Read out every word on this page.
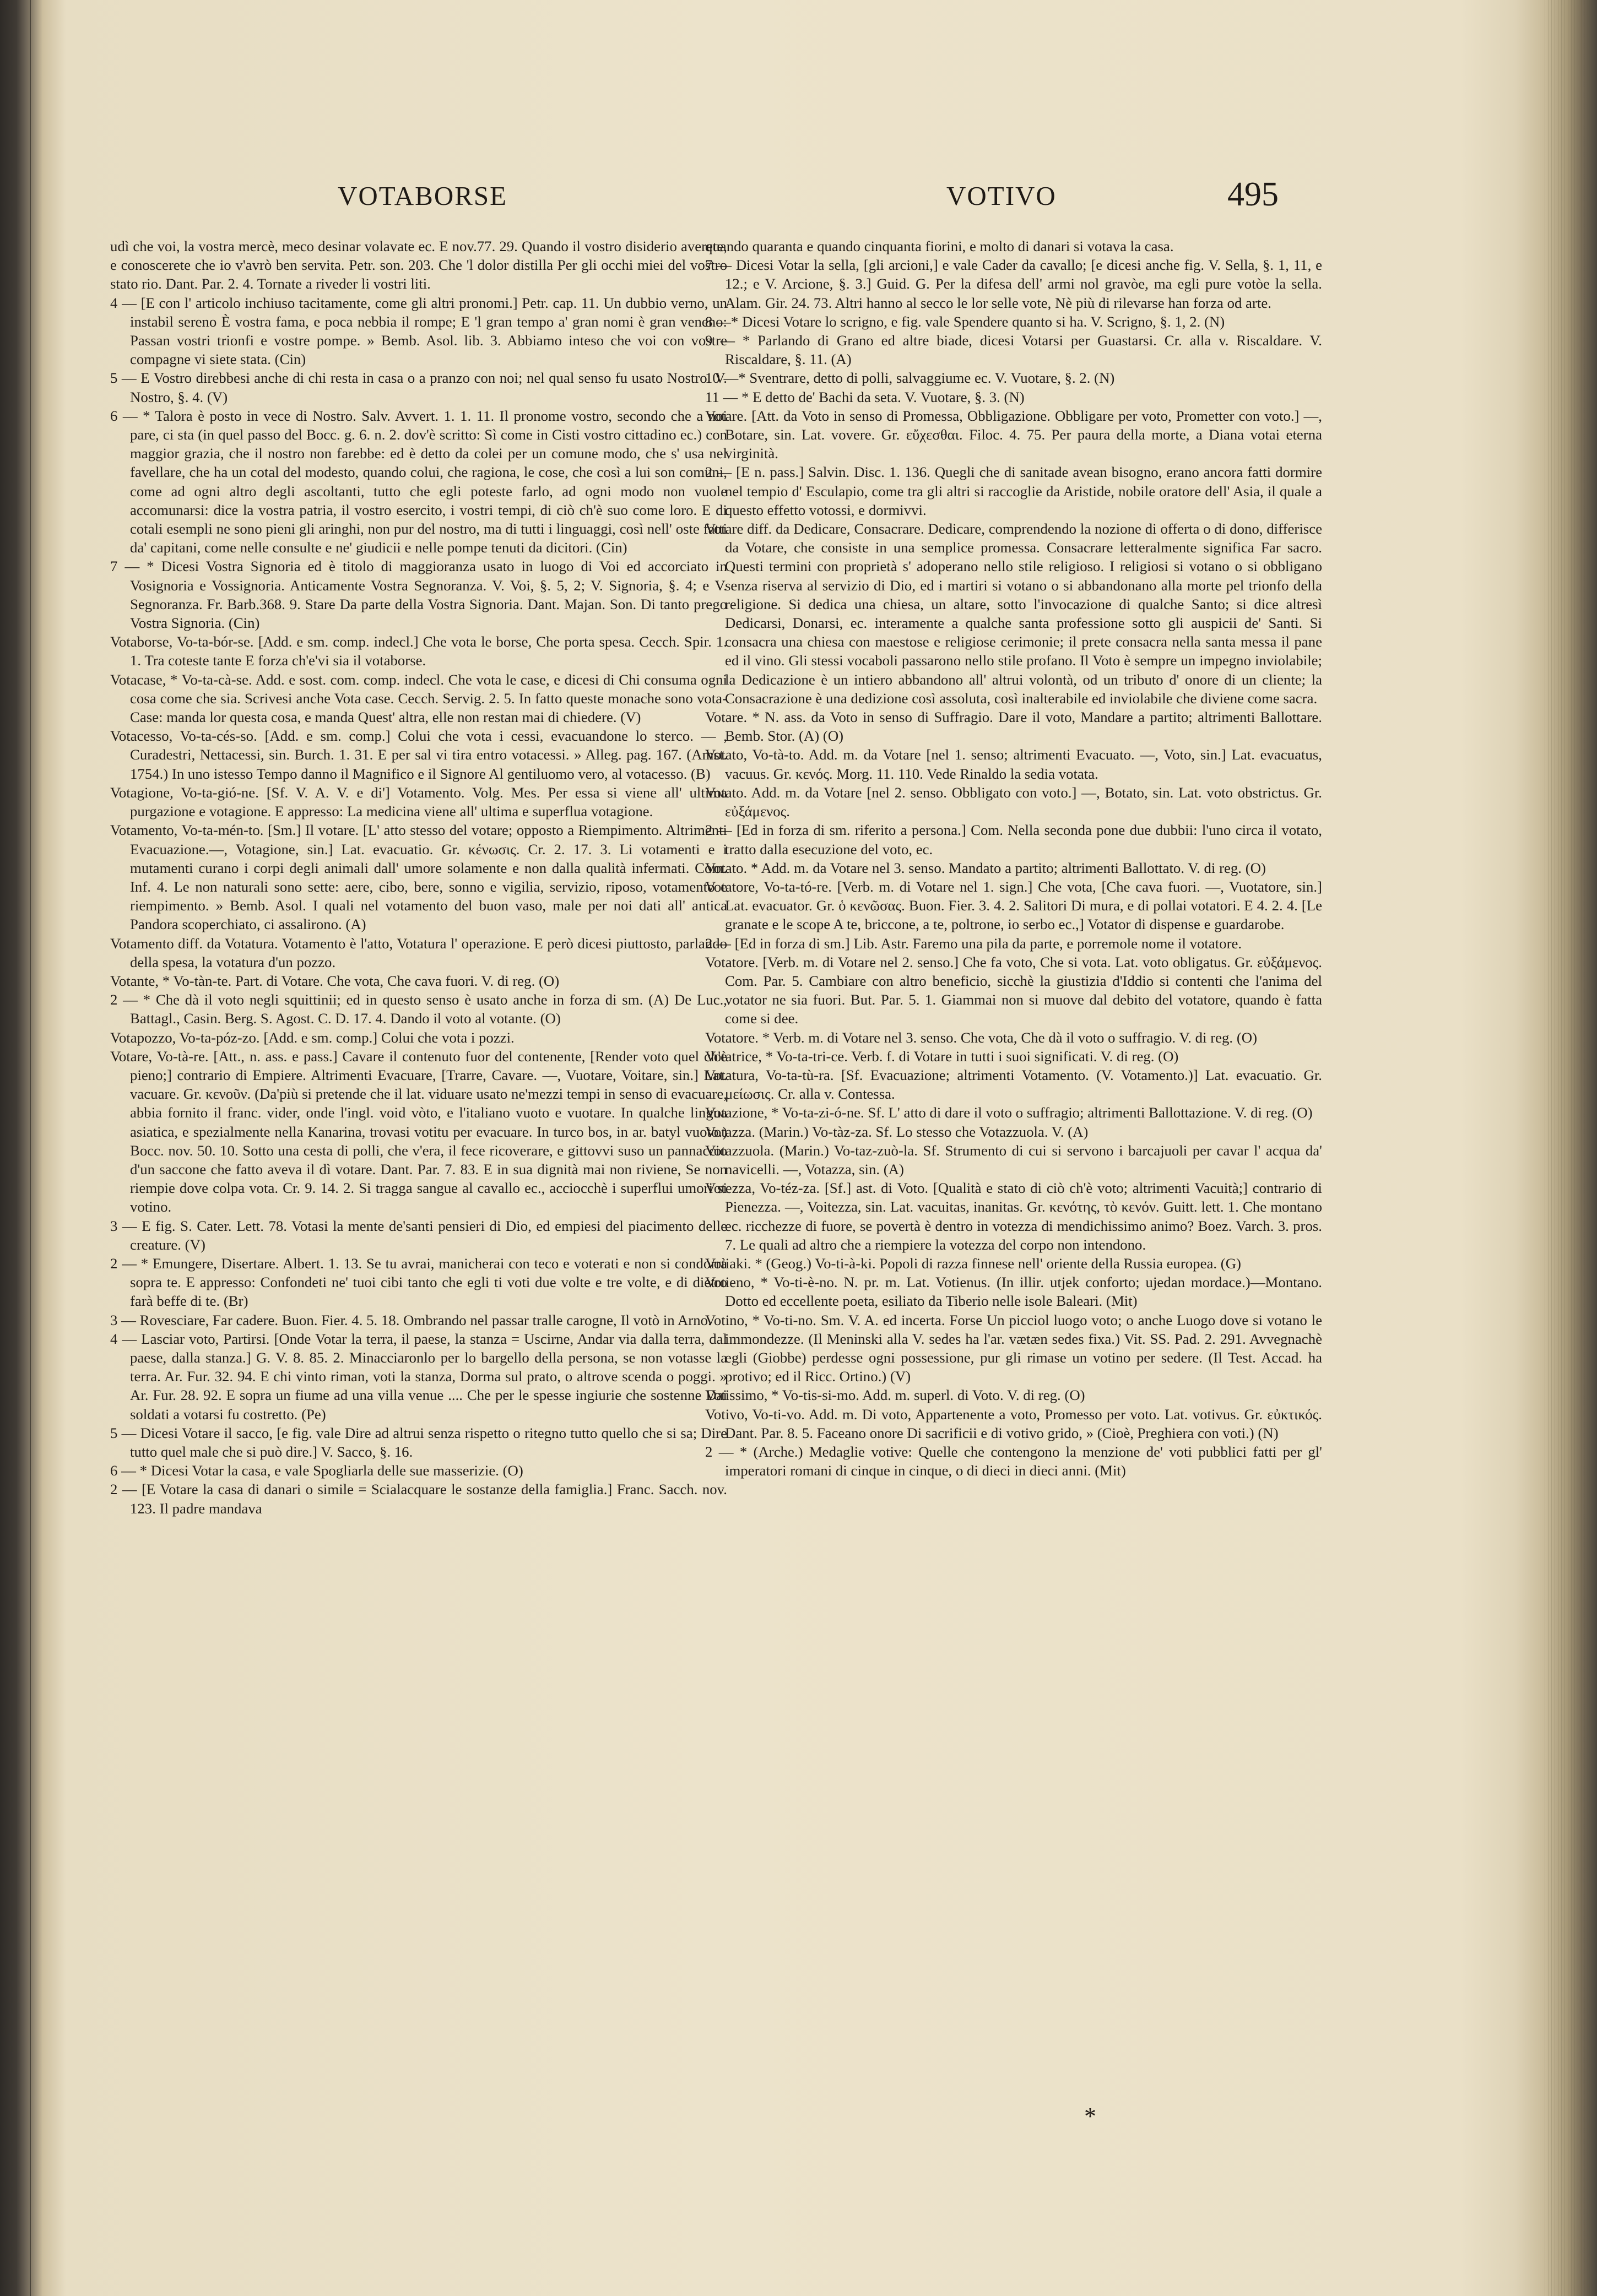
VOTABORSE	VOTIVO	495

udì che voi, la vostra mercè, meco desinar volavate ec. E nov.77. 29. Quando il vostro disiderio averete, e conoscerete che io v'avrò ben servita. Petr. son. 203. Che 'l dolor distilla Per gli occhi miei del vostro stato rio. Dant. Par. 2. 4. Tornate a riveder li vostri liti.

4 — [E con l' articolo inchiuso tacitamente, come gli altri pronomi.] Petr. cap. 11. Un dubbio verno, un instabil sereno È vostra fama, e poca nebbia il rompe; E 'l gran tempo a' gran nomi è gran veneno: Passan vostri trionfi e vostre pompe. » Bemb. Asol. lib. 3. Abbiamo inteso che voi con vostre compagne vi siete stata. (Cin)

5 — E Vostro direbbesi anche di chi resta in casa o a pranzo con noi; nel qual senso fu usato Nostro. V. Nostro, §. 4. (V)

6 — * Talora è posto in vece di Nostro. Salv. Avvert. 1. 1. 11. Il pronome vostro, secondo che a noi pare, ci sta (in quel passo del Bocc. g. 6. n. 2. dov'è scritto: Sì come in Cisti vostro cittadino ec.) con maggior grazia, che il nostro non farebbe: ed è detto da colei per un comune modo, che s' usa nel favellare, che ha un cotal del modesto, quando colui, che ragiona, le cose, che così a lui son comuni, come ad ogni altro degli ascoltanti, tutto che egli poteste farlo, ad ogni modo non vuole accomunarsi: dice la vostra patria, il vostro esercito, i vostri tempi, di ciò ch'è suo come loro. E di cotali esempli ne sono pieni gli aringhi, non pur del nostro, ma di tutti i linguaggi, così nell' oste fatti da' capitani, come nelle consulte e ne' giudicii e nelle pompe tenuti da dicitori. (Cin)

7 — * Dicesi Vostra Signoria ed è titolo di maggioranza usato in luogo di Voi ed accorciato in Vosignoria e Vossignoria. Anticamente Vostra Segnoranza. V. Voi, §. 5, 2; V. Signoria, §. 4; e V. Segnoranza. Fr. Barb.368. 9. Stare Da parte della Vostra Signoria. Dant. Majan. Son. Di tanto prego Vostra Signoria. (Cin)

Votaborse, Vo-ta-bór-se. [Add. e sm. comp. indecl.] Che vota le borse, Che porta spesa. Cecch. Spir. 1. 1. Tra coteste tante E forza ch'e'vi sia il votaborse.

Votacase, * Vo-ta-cà-se. Add. e sost. com. comp. indecl. Che vota le case, e dicesi di Chi consuma ogni cosa come che sia. Scrivesi anche Vota case. Cecch. Servig. 2. 5. In fatto queste monache sono vota-Case: manda lor questa cosa, e manda Quest' altra, elle non restan mai di chiedere. (V)

Votacesso, Vo-ta-cés-so. [Add. e sm. comp.] Colui che vota i cessi, evacuandone lo sterco. — , Curadestri, Nettacessi, sin. Burch. 1. 31. E per sal vi tira entro votacessi. » Alleg. pag. 167. (Amst. 1754.) In uno istesso Tempo danno il Magnifico e il Signore Al gentiluomo vero, al votacesso. (B)

Votagione, Vo-ta-gió-ne. [Sf. V. A. V. e di'] Votamento. Volg. Mes. Per essa si viene all' ultima purgazione e votagione. E appresso: La medicina viene all' ultima e superflua votagione.

Votamento, Vo-ta-mén-to. [Sm.] Il votare. [L' atto stesso del votare; opposto a Riempimento. Altrimenti Evacuazione.—, Votagione, sin.] Lat. evacuatio. Gr. κένωσις. Cr. 2. 17. 3. Li votamenti e i mutamenti curano i corpi degli animali dall' umore solamente e non dalla qualità infermati. Com. Inf. 4. Le non naturali sono sette: aere, cibo, bere, sonno e vigilia, servizio, riposo, votamento e riempimento. » Bemb. Asol. I quali nel votamento del buon vaso, male per noi dati all' antica Pandora scoperchiato, ci assalirono. (A)

Votamento diff. da Votatura. Votamento è l'atto, Votatura l' operazione. E però dicesi piuttosto, parlando della spesa, la votatura d'un pozzo.

Votante, * Vo-tàn-te. Part. di Votare. Che vota, Che cava fuori. V. di reg. (O)

2 — * Che dà il voto negli squittinii; ed in questo senso è usato anche in forza di sm. (A) De Luc., Battagl., Casin. Berg. S. Agost. C. D. 17. 4. Dando il voto al votante. (O)

Votapozzo, Vo-ta-póz-zo. [Add. e sm. comp.] Colui che vota i pozzi.

Votare, Vo-tà-re. [Att., n. ass. e pass.] Cavare il contenuto fuor del contenente, [Render voto quel ch'è pieno;] contrario di Empiere. Altrimenti Evacuare, [Trarre, Cavare. —, Vuotare, Voitare, sin.] Lat. vacuare. Gr. κενοῦν. (Da'più si pretende che il lat. viduare usato ne'mezzi tempi in senso di evacuare, abbia fornito il franc. vider, onde l'ingl. void vòto, e l'italiano vuoto e vuotare. In qualche lingua asiatica, e spezialmente nella Kanarina, trovasi votitu per evacuare. In turco bos, in ar. batyl vuoto.) Bocc. nov. 50. 10. Sotto una cesta di polli, che v'era, il fece ricoverare, e gittovvi suso un pannaccio d'un saccone che fatto aveva il dì votare. Dant. Par. 7. 83. E in sua dignità mai non riviene, Se non riempie dove colpa vota. Cr. 9. 14. 2. Si tragga sangue al cavallo ec., acciocchè i superflui umori si votino.

3 — E fig. S. Cater. Lett. 78. Votasi la mente de'santi pensieri di Dio, ed empiesi del piacimento delle creature. (V)

2 — * Emungere, Disertare. Albert. 1. 13. Se tu avrai, manicherai con teco e voterati e non si condorrà sopra te. E appresso: Confondeti ne' tuoi cibi tanto che egli ti voti due volte e tre volte, e di dietro farà beffe di te. (Br)

3 — Rovesciare, Far cadere. Buon. Fier. 4. 5. 18. Ombrando nel passar tralle carogne, Il votò in Arno.

4 — Lasciar voto, Partirsi. [Onde Votar la terra, il paese, la stanza = Uscirne, Andar via dalla terra, dal paese, dalla stanza.] G. V. 8. 85. 2. Minacciaronlo per lo bargello della persona, se non votasse la terra. Ar. Fur. 32. 94. E chi vinto riman, voti la stanza, Dorma sul prato, o altrove scenda o poggi. » Ar. Fur. 28. 92. E sopra un fiume ad una villa venue .... Che per le spesse ingiurie che sostenne Dai soldati a votarsi fu costretto. (Pe)

5 — Dicesi Votare il sacco, [e fig. vale Dire ad altrui senza rispetto o ritegno tutto quello che si sa; Dire tutto quel male che si può dire.] V. Sacco, §. 16.

6 — * Dicesi Votar la casa, e vale Spogliarla delle sue masserizie. (O)

2 — [E Votare la casa di danari o simile = Scialacquare le sostanze della famiglia.] Franc. Sacch. nov. 123. Il padre mandava

quando quaranta e quando cinquanta fiorini, e molto di danari si votava la casa.

7 — Dicesi Votar la sella, [gli arcioni,] e vale Cader da cavallo; [e dicesi anche fig. V. Sella, §. 1, 11, e 12.; e V. Arcione, §. 3.] Guid. G. Per la difesa dell' armi nol gravòe, ma egli pure votòe la sella. Alam. Gir. 24. 73. Altri hanno al secco le lor selle vote, Nè più di rilevarse han forza od arte.

8 —* Dicesi Votare lo scrigno, e fig. vale Spendere quanto si ha. V. Scrigno, §. 1, 2. (N)

9 — * Parlando di Grano ed altre biade, dicesi Votarsi per Guastarsi. Cr. alla v. Riscaldare. V. Riscaldare, §. 11. (A)

10 —* Sventrare, detto di polli, salvaggiume ec. V. Vuotare, §. 2. (N)

11 — * E detto de' Bachi da seta. V. Vuotare, §. 3. (N)

Votare. [Att. da Voto in senso di Promessa, Obbligazione. Obbligare per voto, Prometter con voto.] —, Botare, sin. Lat. vovere. Gr. εὔχεσθαι. Filoc. 4. 75. Per paura della morte, a Diana votai eterna virginità.

2 — [E n. pass.] Salvin. Disc. 1. 136. Quegli che di sanitade avean bisogno, erano ancora fatti dormire nel tempio d' Esculapio, come tra gli altri si raccoglie da Aristide, nobile oratore dell' Asia, il quale a questo effetto votossi, e dormivvi.

Votare diff. da Dedicare, Consacrare. Dedicare, comprendendo la nozione di offerta o di dono, differisce da Votare, che consiste in una semplice promessa. Consacrare letteralmente significa Far sacro. Questi termini con proprietà s' adoperano nello stile religioso. I religiosi si votano o si obbligano senza riserva al servizio di Dio, ed i martiri si votano o si abbandonano alla morte pel trionfo della religione. Si dedica una chiesa, un altare, sotto l'invocazione di qualche Santo; si dice altresì Dedicarsi, Donarsi, ec. interamente a qualche santa professione sotto gli auspicii de' Santi. Si consacra una chiesa con maestose e religiose cerimonie; il prete consacra nella santa messa il pane ed il vino. Gli stessi vocaboli passarono nello stile profano. Il Voto è sempre un impegno inviolabile; la Dedicazione è un intiero abbandono all' altrui volontà, od un tributo d' onore di un cliente; la Consacrazione è una dedizione così assoluta, così inalterabile ed inviolabile che diviene come sacra.

Votare. * N. ass. da Voto in senso di Suffragio. Dare il voto, Mandare a partito; altrimenti Ballottare. Bemb. Stor. (A) (O)

Votato, Vo-tà-to. Add. m. da Votare [nel 1. senso; altrimenti Evacuato. —, Voto, sin.] Lat. evacuatus, vacuus. Gr. κενός. Morg. 11. 110. Vede Rinaldo la sedia votata.

Votato. Add. m. da Votare [nel 2. senso. Obbligato con voto.] —, Botato, sin. Lat. voto obstrictus. Gr. εὐξάμενος.

2 — [Ed in forza di sm. riferito a persona.] Com. Nella seconda pone due dubbii: l'uno circa il votato, tratto dalla esecuzione del voto, ec.

Votato. * Add. m. da Votare nel 3. senso. Mandato a partito; altrimenti Ballottato. V. di reg. (O)

Votatore, Vo-ta-tó-re. [Verb. m. di Votare nel 1. sign.] Che vota, [Che cava fuori. —, Vuotatore, sin.] Lat. evacuator. Gr. ὁ κενῶσας. Buon. Fier. 3. 4. 2. Salitori Di mura, e di pollai votatori. E 4. 2. 4. [Le granate e le scope A te, briccone, a te, poltrone, io serbo ec.,] Votator di dispense e guardarobe.

2 — [Ed in forza di sm.] Lib. Astr. Faremo una pila da parte, e porremole nome il votatore.

Votatore. [Verb. m. di Votare nel 2. senso.] Che fa voto, Che si vota. Lat. voto obligatus. Gr. εὐξάμενος. Com. Par. 5. Cambiare con altro beneficio, sicchè la giustizia d'Iddio si contenti che l'anima del votator ne sia fuori. But. Par. 5. 1. Giammai non si muove dal debito del votatore, quando è fatta come si dee.

Votatore. * Verb. m. di Votare nel 3. senso. Che vota, Che dà il voto o suffragio. V. di reg. (O)

Votatrice, * Vo-ta-tri-ce. Verb. f. di Votare in tutti i suoi significati. V. di reg. (O)

Votatura, Vo-ta-tù-ra. [Sf. Evacuazione; altrimenti Votamento. (V. Votamento.)] Lat. evacuatio. Gr. μείωσις. Cr. alla v. Contessa.

Votazione, * Vo-ta-zi-ó-ne. Sf. L' atto di dare il voto o suffragio; altrimenti Ballottazione. V. di reg. (O)

Votazza. (Marin.) Vo-tàz-za. Sf. Lo stesso che Votazzuola. V. (A)

Votazzuola. (Marin.) Vo-taz-zuò-la. Sf. Strumento di cui si servono i barcajuoli per cavar l' acqua da' navicelli. —, Votazza, sin. (A)

Votezza, Vo-téz-za. [Sf.] ast. di Voto. [Qualità e stato di ciò ch'è voto; altrimenti Vacuità;] contrario di Pienezza. —, Voitezza, sin. Lat. vacuitas, inanitas. Gr. κενότης, τὸ κενόν. Guitt. lett. 1. Che montano ec. ricchezze di fuore, se povertà è dentro in votezza di mendichissimo animo? Boez. Varch. 3. pros. 7. Le quali ad altro che a riempiere la votezza del corpo non intendono.

Votiaki. * (Geog.) Vo-ti-à-ki. Popoli di razza finnese nell' oriente della Russia europea. (G)

Votieno, * Vo-ti-è-no. N. pr. m. Lat. Votienus. (In illir. utjek conforto; ujedan mordace.)—Montano. Dotto ed eccellente poeta, esiliato da Tiberio nelle isole Baleari. (Mit)

Votino, * Vo-ti-no. Sm. V. A. ed incerta. Forse Un picciol luogo voto; o anche Luogo dove si votano le immondezze. (Il Meninski alla V. sedes ha l'ar. vætæn sedes fixa.) Vit. SS. Pad. 2. 291. Avvegnachè egli (Giobbe) perdesse ogni possessione, pur gli rimase un votino per sedere. (Il Test. Accad. ha protivo; ed il Ricc. Ortino.) (V)

Votissimo, * Vo-tis-si-mo. Add. m. superl. di Voto. V. di reg. (O)

Votivo, Vo-ti-vo. Add. m. Di voto, Appartenente a voto, Promesso per voto. Lat. votivus. Gr. εὐκτικός. Dant. Par. 8. 5. Faceano onore Di sacrificii e di votivo grido, » (Cioè, Preghiera con voti.) (N)

2 — * (Arche.) Medaglie votive: Quelle che contengono la menzione de' voti pubblici fatti per gl' imperatori romani di cinque in cinque, o di dieci in dieci anni. (Mit)

*
